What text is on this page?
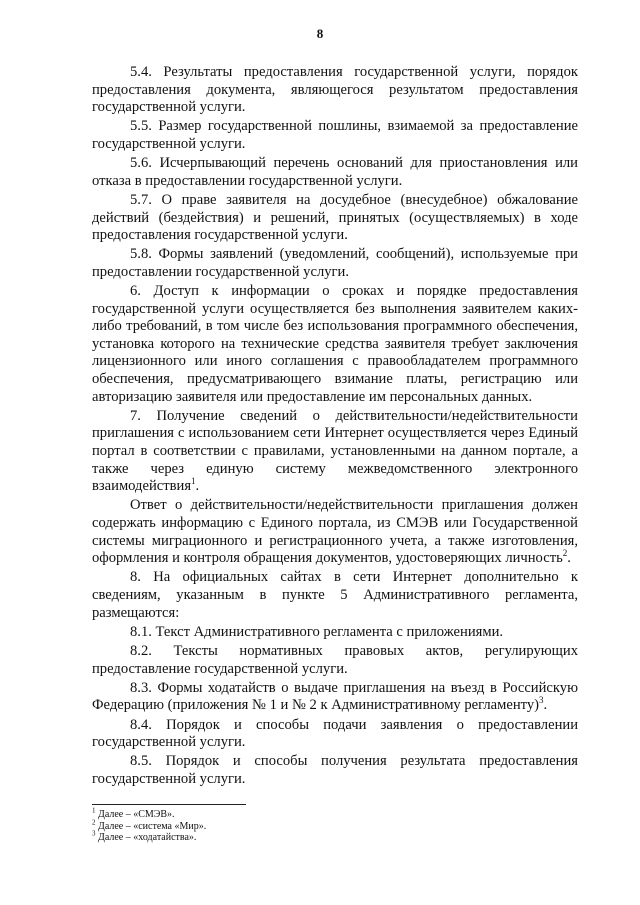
8

5.4. Результаты предоставления государственной услуги, порядок предоставления документа, являющегося результатом предоставления государственной услуги.

5.5. Размер государственной пошлины, взимаемой за предоставление государственной услуги.

5.6. Исчерпывающий перечень оснований для приостановления или отказа в предоставлении государственной услуги.

5.7. О праве заявителя на досудебное (внесудебное) обжалование действий (бездействия) и решений, принятых (осуществляемых) в ходе предоставления государственной услуги.

5.8. Формы заявлений (уведомлений, сообщений), используемые при предоставлении государственной услуги.

6. Доступ к информации о сроках и порядке предоставления государственной услуги осуществляется без выполнения заявителем каких-либо требований, в том числе без использования программного обеспечения, установка которого на технические средства заявителя требует заключения лицензионного или иного соглашения с правообладателем программного обеспечения, предусматривающего взимание платы, регистрацию или авторизацию заявителя или предоставление им персональных данных.

7. Получение сведений о действительности/недействительности приглашения с использованием сети Интернет осуществляется через Единый портал в соответствии с правилами, установленными на данном портале, а также через единую систему межведомственного электронного взаимодействия$^1$.

Ответ о действительности/недействительности приглашения должен содержать информацию с Единого портала, из СМЭВ или Государственной системы миграционного и регистрационного учета, а также изготовления, оформления и контроля обращения документов, удостоверяющих личность$^2$.

8. На официальных сайтах в сети Интернет дополнительно к сведениям, указанным в пункте 5 Административного регламента, размещаются:

8.1. Текст Административного регламента с приложениями.

8.2. Тексты нормативных правовых актов, регулирующих предоставление государственной услуги.

8.3. Формы ходатайств о выдаче приглашения на въезд в Российскую Федерацию (приложения № 1 и № 2 к Административному регламенту)$^3$.

8.4. Порядок и способы подачи заявления о предоставлении государственной услуги.

8.5. Порядок и способы получения результата предоставления государственной услуги.

$^1$ Далее – «СМЭВ».

$^2$ Далее – «система «Мир».

$^3$ Далее – «ходатайства».
